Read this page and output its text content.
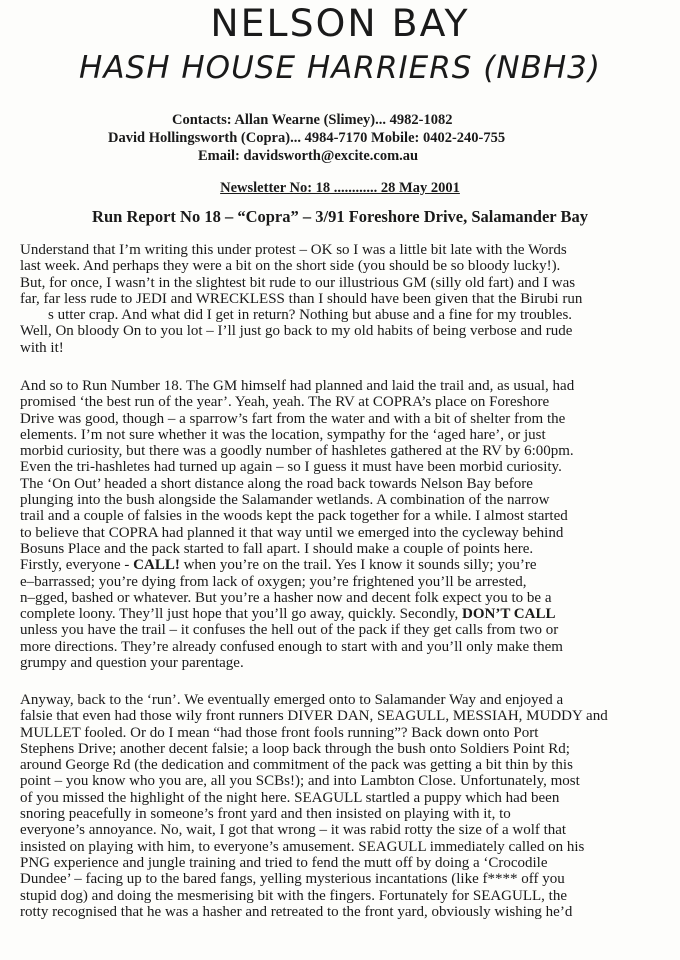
NELSON BAY
HASH HOUSE HARRIERS (NBH3)
Contacts: Allan Wearne (Slimey)... 4982-1082
David Hollingsworth (Copra)... 4984-7170 Mobile: 0402-240-755
Email: davidsworth@excite.com.au
Newsletter No: 18 ............ 28 May 2001
Run Report No 18 – “Copra” – 3/91 Foreshore Drive, Salamander Bay
Understand that I’m writing this under protest – OK so I was a little bit late with the Words
last week. And perhaps they were a bit on the short side (you should be so bloody lucky!).
But, for once, I wasn’t in the slightest bit rude to our illustrious GM (silly old fart) and I was
far, far less rude to JEDI and WRECKLESS than I should have been given that the Birubi run
s utter crap. And what did I get in return? Nothing but abuse and a fine for my troubles.
Well, On bloody On to you lot – I’ll just go back to my old habits of being verbose and rude
with it!
And so to Run Number 18. The GM himself had planned and laid the trail and, as usual, had
promised ‘the best run of the year’. Yeah, yeah. The RV at COPRA’s place on Foreshore
Drive was good, though – a sparrow’s fart from the water and with a bit of shelter from the
elements. I’m not sure whether it was the location, sympathy for the ‘aged hare’, or just
morbid curiosity, but there was a goodly number of hashletes gathered at the RV by 6:00pm.
Even the tri-hashletes had turned up again – so I guess it must have been morbid curiosity.
The ‘On Out’ headed a short distance along the road back towards Nelson Bay before
plunging into the bush alongside the Salamander wetlands. A combination of the narrow
trail and a couple of falsies in the woods kept the pack together for a while. I almost started
to believe that COPRA had planned it that way until we emerged into the cycleway behind
Bosuns Place and the pack started to fall apart. I should make a couple of points here.
Firstly, everyone - CALL! when you’re on the trail. Yes I know it sounds silly; you’re
e–barrassed; you’re dying from lack of oxygen; you’re frightened you’ll be arrested,
n–gged, bashed or whatever. But you’re a hasher now and decent folk expect you to be a
complete loony. They’ll just hope that you’ll go away, quickly. Secondly, DON’T CALL
unless you have the trail – it confuses the hell out of the pack if they get calls from two or
more directions. They’re already confused enough to start with and you’ll only make them
grumpy and question your parentage.
Anyway, back to the ‘run’. We eventually emerged onto to Salamander Way and enjoyed a
falsie that even had those wily front runners DIVER DAN, SEAGULL, MESSIAH, MUDDY and
MULLET fooled. Or do I mean “had those front fools running”? Back down onto Port
Stephens Drive; another decent falsie; a loop back through the bush onto Soldiers Point Rd;
around George Rd (the dedication and commitment of the pack was getting a bit thin by this
point – you know who you are, all you SCBs!); and into Lambton Close. Unfortunately, most
of you missed the highlight of the night here. SEAGULL startled a puppy which had been
snoring peacefully in someone’s front yard and then insisted on playing with it, to
everyone’s annoyance. No, wait, I got that wrong – it was rabid rotty the size of a wolf that
insisted on playing with him, to everyone’s amusement. SEAGULL immediately called on his
PNG experience and jungle training and tried to fend the mutt off by doing a ‘Crocodile
Dundee’ – facing up to the bared fangs, yelling mysterious incantations (like f**** off you
stupid dog) and doing the mesmerising bit with the fingers. Fortunately for SEAGULL, the
rotty recognised that he was a hasher and retreated to the front yard, obviously wishing he’d
